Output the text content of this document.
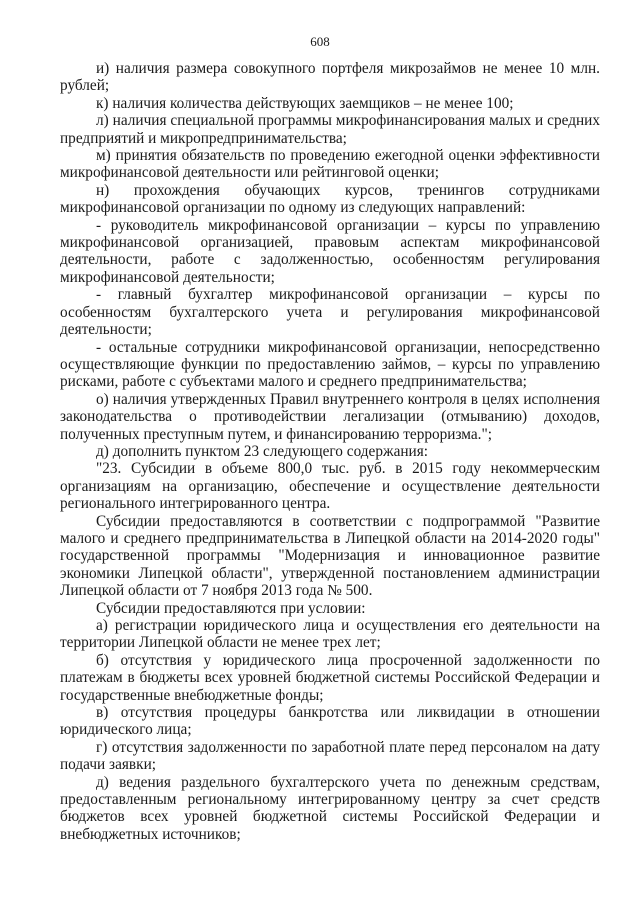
608

и) наличия размера совокупного портфеля микрозаймов не менее 10 млн. рублей;

к) наличия количества действующих заемщиков – не менее 100;

л) наличия специальной программы микрофинансирования малых и средних предприятий и микропредпринимательства;

м) принятия обязательств по проведению ежегодной оценки эффективности микрофинансовой деятельности или рейтинговой оценки;

н) прохождения обучающих курсов, тренингов сотрудниками микрофинансовой организации по одному из следующих направлений:

- руководитель микрофинансовой организации – курсы по управлению микрофинансовой организацией, правовым аспектам микрофинансовой деятельности, работе с задолженностью, особенностям регулирования микрофинансовой деятельности;

- главный бухгалтер микрофинансовой организации – курсы по особенностям бухгалтерского учета и регулирования микрофинансовой деятельности;

- остальные сотрудники микрофинансовой организации, непосредственно осуществляющие функции по предоставлению займов, – курсы по управлению рисками, работе с субъектами малого и среднего предпринимательства;

о) наличия утвержденных Правил внутреннего контроля в целях исполнения законодательства о противодействии легализации (отмыванию) доходов, полученных преступным путем, и финансированию терроризма.";

д) дополнить пунктом 23 следующего содержания:

"23. Субсидии в объеме 800,0 тыс. руб. в 2015 году некоммерческим организациям на организацию, обеспечение и осуществление деятельности регионального интегрированного центра.

Субсидии предоставляются в соответствии с подпрограммой "Развитие малого и среднего предпринимательства в Липецкой области на 2014-2020 годы" государственной программы "Модернизация и инновационное развитие экономики Липецкой области", утвержденной постановлением администрации Липецкой области от 7 ноября 2013 года № 500.

Субсидии предоставляются при условии:

а) регистрации юридического лица и осуществления его деятельности на территории Липецкой области не менее трех лет;

б) отсутствия у юридического лица просроченной задолженности по платежам в бюджеты всех уровней бюджетной системы Российской Федерации и государственные внебюджетные фонды;

в) отсутствия процедуры банкротства или ликвидации в отношении юридического лица;

г) отсутствия задолженности по заработной плате перед персоналом на дату подачи заявки;

д) ведения раздельного бухгалтерского учета по денежным средствам, предоставленным региональному интегрированному центру за счет средств бюджетов всех уровней бюджетной системы Российской Федерации и внебюджетных источников;
